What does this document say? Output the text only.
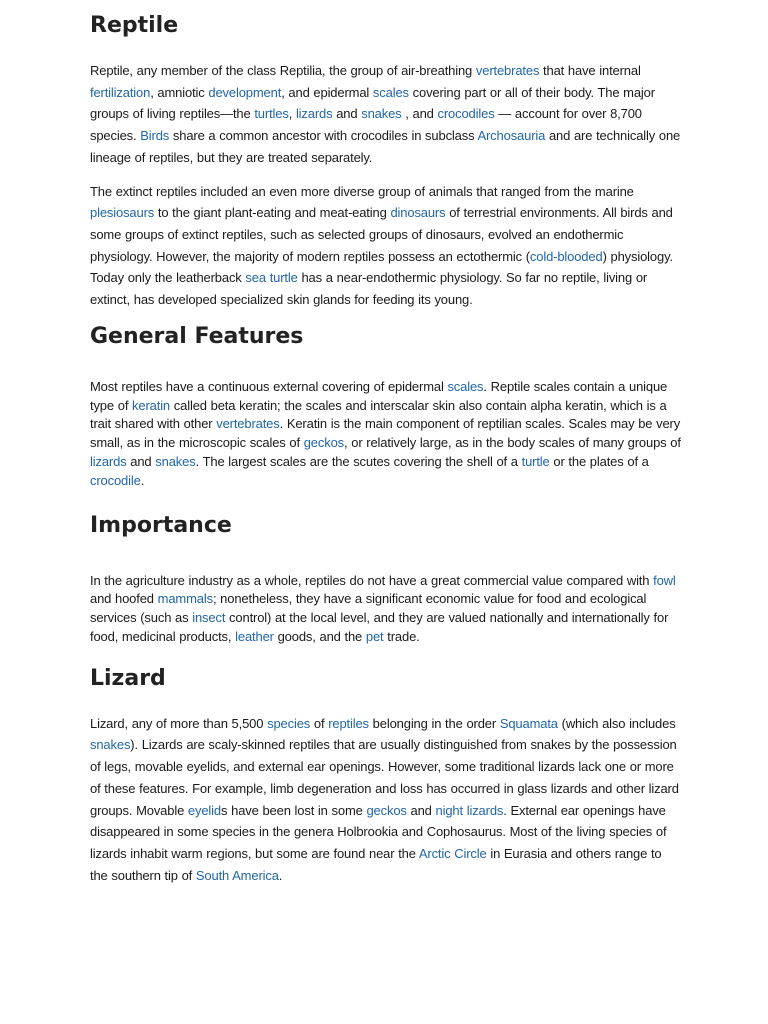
Reptile

Reptile, any member of the class Reptilia, the group of air-breathing vertebrates that have internal fertilization, amniotic development, and epidermal scales covering part or all of their body. The major groups of living reptiles—the turtles, lizards and snakes , and crocodiles — account for over 8,700 species. Birds share a common ancestor with crocodiles in subclass Archosauria and are technically one lineage of reptiles, but they are treated separately.

The extinct reptiles included an even more diverse group of animals that ranged from the marine plesiosaurs to the giant plant-eating and meat-eating dinosaurs of terrestrial environments. All birds and some groups of extinct reptiles, such as selected groups of dinosaurs, evolved an endothermic physiology. However, the majority of modern reptiles possess an ectothermic (cold-blooded) physiology. Today only the leatherback sea turtle has a near-endothermic physiology. So far no reptile, living or extinct, has developed specialized skin glands for feeding its young.

General Features

Most reptiles have a continuous external covering of epidermal scales. Reptile scales contain a unique type of keratin called beta keratin; the scales and interscalar skin also contain alpha keratin, which is a trait shared with other vertebrates. Keratin is the main component of reptilian scales. Scales may be very small, as in the microscopic scales of geckos, or relatively large, as in the body scales of many groups of lizards and snakes. The largest scales are the scutes covering the shell of a turtle or the plates of a crocodile.

Importance

In the agriculture industry as a whole, reptiles do not have a great commercial value compared with fowl and hoofed mammals; nonetheless, they have a significant economic value for food and ecological services (such as insect control) at the local level, and they are valued nationally and internationally for food, medicinal products, leather goods, and the pet trade.

Lizard

Lizard, any of more than 5,500 species of reptiles belonging in the order Squamata (which also includes snakes). Lizards are scaly-skinned reptiles that are usually distinguished from snakes by the possession of legs, movable eyelids, and external ear openings. However, some traditional lizards lack one or more of these features. For example, limb degeneration and loss has occurred in glass lizards and other lizard groups. Movable eyelids have been lost in some geckos and night lizards. External ear openings have disappeared in some species in the genera Holbrookia and Cophosaurus. Most of the living species of lizards inhabit warm regions, but some are found near the Arctic Circle in Eurasia and others range to the southern tip of South America.
